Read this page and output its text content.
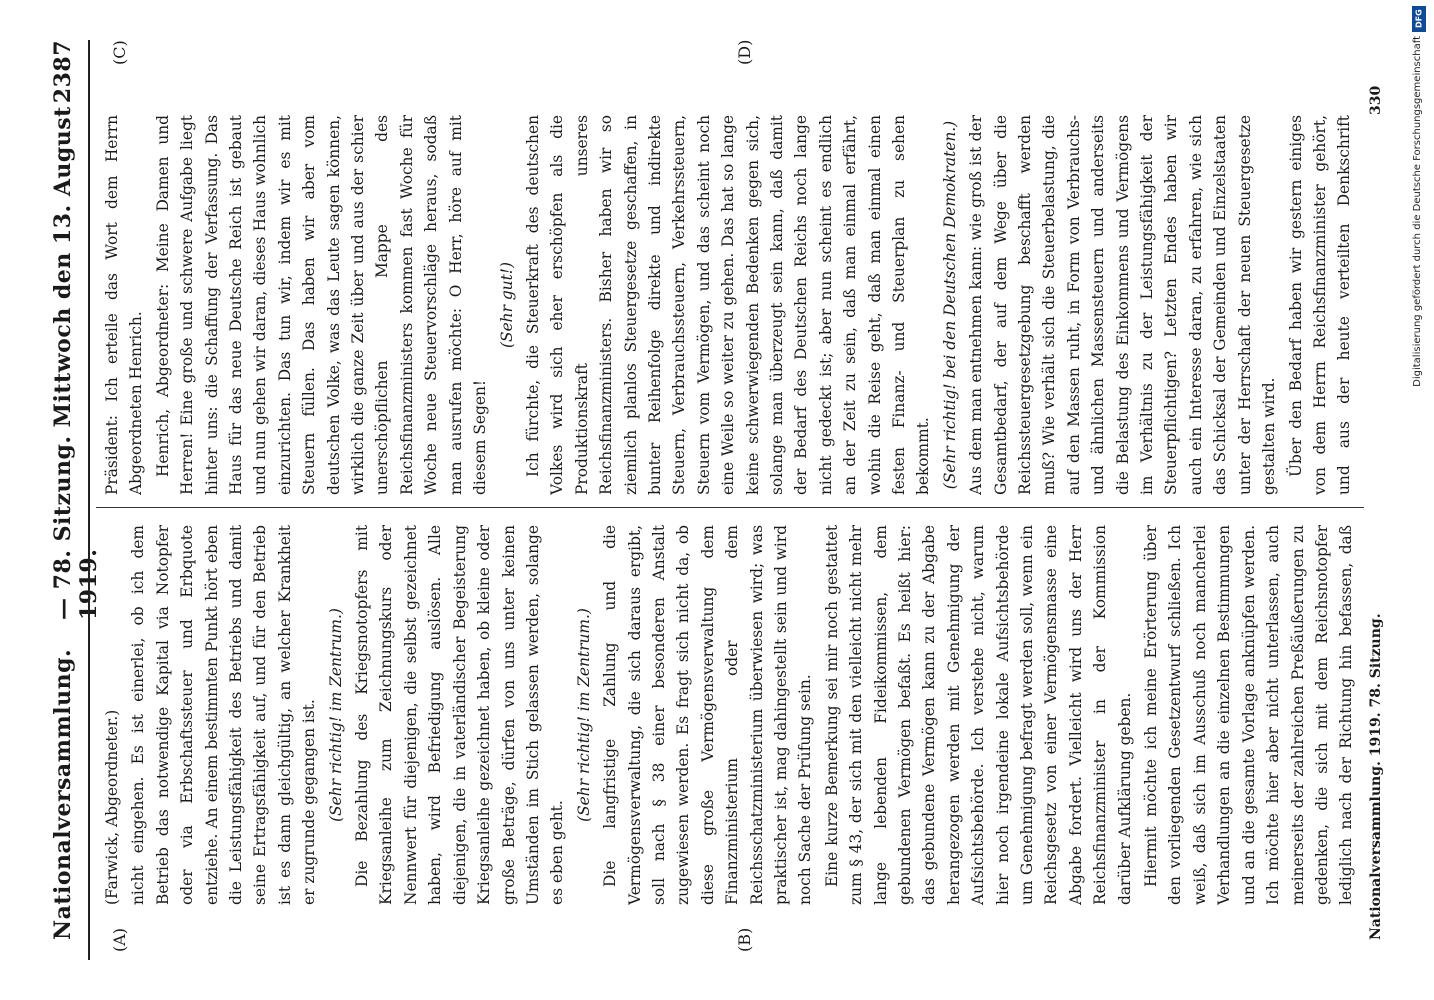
Nationalversammlung.
— 78. Sitzung. Mittwoch den 13. August 1919.
2387
(A)	(B)
(C)	(D)

(Farwick, Abgeordneter.) nicht eingehen. Es ist einerlei, ob ich dem Betrieb das notwendige Kapital via Notopfer oder via Erbschaftssteuer und Erbquote entziehe. An einem bestimmten Punkt hört eben die Leistungsfähigkeit des Betriebs und damit seine Ertragsfähigkeit auf, und für den Betrieb ist es dann gleichgültig, an welcher Krankheit er zugrunde gegangen ist. (Sehr richtig! im Zentrum.) Die Bezahlung des Kriegsnotopfers mit Kriegsanleihe zum Zeichnungskurs oder Nennwert für diejenigen, die selbst gezeichnet haben, wird Befriedigung auslösen. Alle diejenigen, die in vaterländischer Begeisterung Kriegsanleihe gezeichnet haben, ob kleine oder große Beträge, dürfen von uns unter keinen Umständen im Stich gelassen werden, solange es eben geht.

(Sehr richtig! im Zentrum.) Die langfristige Zahlung und die Vermögensverwaltung, die sich daraus ergibt, soll nach § 38 einer besonderen Anstalt zugewiesen werden. Es fragt sich nicht da, ob diese große Vermögensverwaltung dem Finanzministerium oder dem Reichsschatzministerium überwiesen wird; was praktischer ist, mag dahingestellt sein und wird noch Sache der Prüfung sein. Eine kurze Bemerkung sei mir noch gestattet zum § 43, der sich mit den vielleicht nicht mehr lange lebenden Fideikommissen, dem gebundenen Vermögen befaßt. Es heißt hier: das gebundene Vermögen kann zu der Abgabe herangezogen werden mit Genehmigung der Aufsichtsbehörde. Ich verstehe nicht, warum hier noch irgendeine lokale Aufsichtsbehörde um Genehmigung befragt werden soll, wenn ein Reichsgesetz von einer Vermögensmasse eine Abgabe fordert. Vielleicht wird uns der Herr Reichsfinanzminister in der Kommission darüber Aufklärung geben. Hiermit möchte ich meine Erörterung über den vorliegenden Gesetzentwurf schließen. Ich weiß, daß sich im Ausschuß noch mancherlei Verhandlungen an die einzelnen Bestimmungen und an die gesamte Vorlage anknüpfen werden. Ich möchte hier aber nicht unterlassen, auch meinerseits der zahlreichen Preßäußerungen zu gedenken, die sich mit dem Reichsnotopfer lediglich nach der Richtung hin befassen, daß

Präsident: Ich erteile das Wort dem Herrn Abgeordneten Henrich. Henrich, Abgeordneter: Meine Damen und Herren! Eine große und schwere Aufgabe liegt hinter uns: die Schaffung der Verfassung. Das Haus für das neue Deutsche Reich ist gebaut und nun gehen wir daran, dieses Haus wohnlich einzurichten. Das tun wir, indem wir es mit Steuern füllen. Das haben wir aber vom deutschen Volke, was das Leute sagen können, wirklich die ganze Zeit über und aus der schier unerschöpflichen Mappe des Reichsfinanzministers kommen fast Woche für Woche neue Steuervorschläge heraus, sodaß man ausrufen möchte: O Herr, höre auf mit diesem Segen!

(Sehr gut!) Ich fürchte, die Steuerkraft des deutschen Volkes wird sich eher erschöpfen als die Produktionskraft unseres Reichsfinanzministers. Bisher haben wir so ziemlich planlos Steuergesetze geschaffen, in bunter Reihenfolge direkte und indirekte Steuern, Verbrauchssteuern, Verkehrssteuern, Steuern vom Vermögen, und das scheint noch eine Weile so weiter zu gehen. Das hat so lange keine schwerwiegenden Bedenken gegen sich, solange man überzeugt sein kann, daß damit der Bedarf des Deutschen Reichs noch lange nicht gedeckt ist; aber nun scheint es endlich an der Zeit zu sein, daß man einmal erfährt, wohin die Reise geht, daß man einmal einen festen Finanz- und Steuerplan zu sehen bekommt. (Sehr richtig! bei den Deutschen Demokraten.) Aus dem man entnehmen kann: wie groß ist der Gesamtbedarf, der auf dem Wege über die Reichssteuergesetzgebung beschafft werden muß? Wie verhält sich die Steuerbelastung, die auf den Massen ruht, in Form von Verbrauchs- und ähnlichen Massensteuern und anderseits die Belastung des Einkommens und Vermögens im Verhältnis zu der Leistungsfähigkeit der Steuerpflichtigen? Letzten Endes haben wir auch ein Interesse daran, zu erfahren, wie sich das Schicksal der Gemeinden und Einzelstaaten unter der Herrschaft der neuen Steuergesetze gestalten wird. Über den Bedarf haben wir gestern einiges von dem Herrn Reichsfinanzminister gehört, und aus der heute verteilten Denkschrift

Nationalversammlung. 1919. 78. Sitzung.
330
DFG
Digitalisierung gefördert durch die Deutsche Forschungsgemeinschaft
